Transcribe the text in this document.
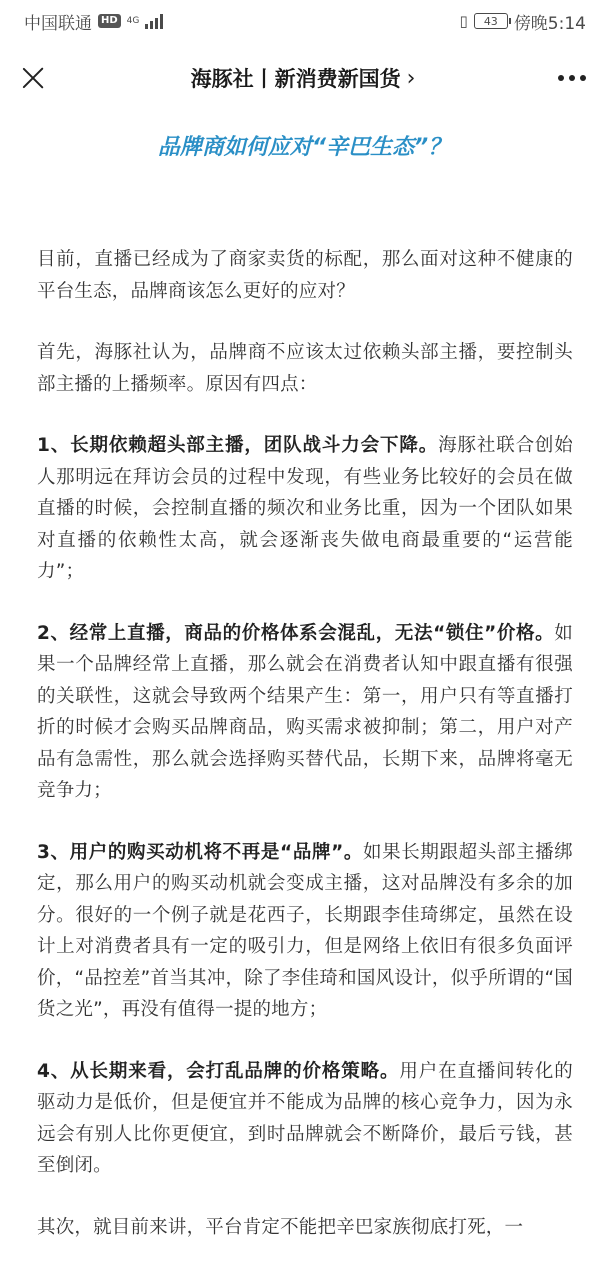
中国联通 HD	4G	▯	43 傍晚5:14
海豚社丨新消费新国货 ›
品牌商如何应对“辛巴生态”？

目前，直播已经成为了商家卖货的标配，那么面对这种不健康的平台生态，品牌商该怎么更好的应对？

首先，海豚社认为，品牌商不应该太过依赖头部主播，要控制头部主播的上播频率。原因有四点：

1、长期依赖超头部主播，团队战斗力会下降。海豚社联合创始人那明远在拜访会员的过程中发现，有些业务比较好的会员在做直播的时候，会控制直播的频次和业务比重，因为一个团队如果对直播的依赖性太高，就会逐渐丧失做电商最重要的“运营能力”；

2、经常上直播，商品的价格体系会混乱，无法“锁住”价格。如果一个品牌经常上直播，那么就会在消费者认知中跟直播有很强的关联性，这就会导致两个结果产生：第一，用户只有等直播打折的时候才会购买品牌商品，购买需求被抑制；第二，用户对产品有急需性，那么就会选择购买替代品，长期下来，品牌将毫无竞争力；

3、用户的购买动机将不再是“品牌”。如果长期跟超头部主播绑定，那么用户的购买动机就会变成主播，这对品牌没有多余的加分。很好的一个例子就是花西子，长期跟李佳琦绑定，虽然在设计上对消费者具有一定的吸引力，但是网络上依旧有很多负面评价，“品控差”首当其冲，除了李佳琦和国风设计，似乎所谓的“国货之光”，再没有值得一提的地方；

4、从长期来看，会打乱品牌的价格策略。用户在直播间转化的驱动力是低价，但是便宜并不能成为品牌的核心竞争力，因为永远会有别人比你更便宜，到时品牌就会不断降价，最后亏钱，甚至倒闭。

其次，就目前来讲，平台肯定不能把辛巴家族彻底打死，一
